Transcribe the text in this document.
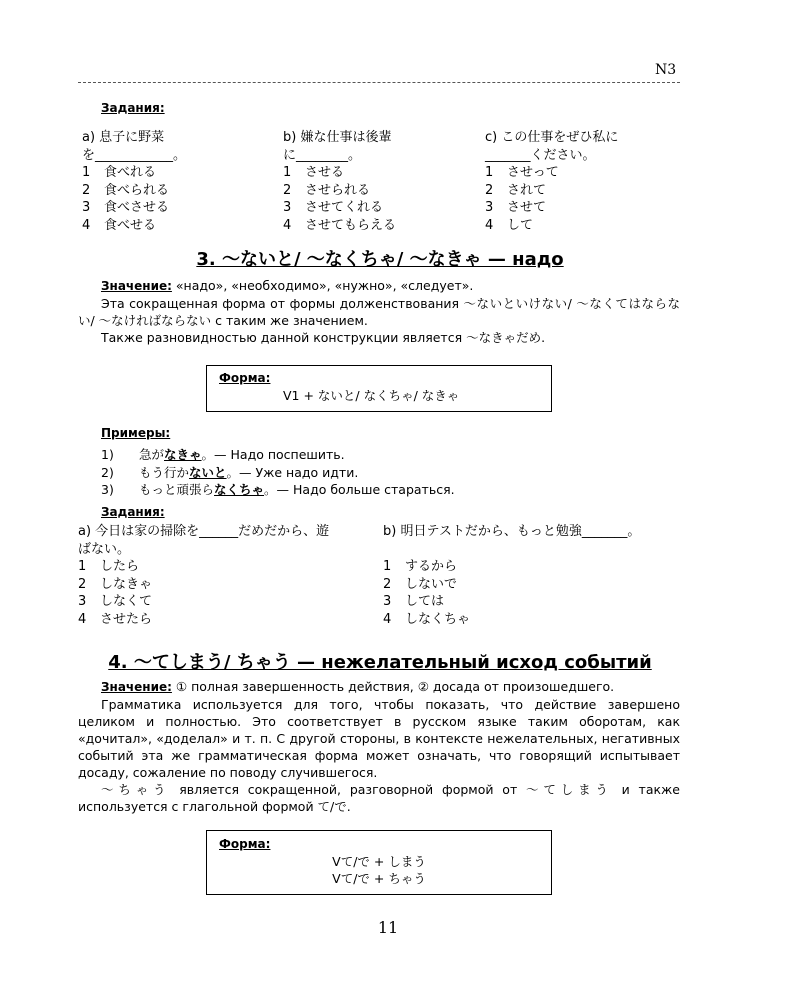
N3
Задания:
a) 息子に野菜
を____________。
1 食べれる
2 食べられる
3 食べさせる
4 食べせる
b) 嫌な仕事は後輩
に________。
1 させる
2 させられる
3 させてくれる
4 させてもらえる
c) この仕事をぜひ私に
_______ください。
1 させって
2 されて
3 させて
4 して
3. ～ないと/ ～なくちゃ/ ～なきゃ — надо
Значение: «надо», «необходимо», «нужно», «следует».
Эта сокращенная форма от формы долженствования ～ないといけない/ ～なくてはならない/ ～なければならない с таким же значением.
Также разновидностью данной конструкции является ～なきゃだめ.
Форма:
V1 + ないと/ なくちゃ/ なきゃ
Примеры:
1) 急がなきゃ。— Надо поспешить.
2) もう行かないと。— Уже надо идти.
3) もっと頑張らなくちゃ。— Надо больше стараться.
Задания:
a) 今日は家の掃除を______だめだから、遊
ばない。
1 したら
2 しなきゃ
3 しなくて
4 させたら
b) 明日テストだから、もっと勉強_______。

1 するから
2 しないで
3 しては
4 しなくちゃ
4. ～てしまう/ ちゃう — нежелательный исход событий
Значение: ① полная завершенность действия, ② досада от произошедшего.
Грамматика используется для того, чтобы показать, что действие завершено целиком и полностью. Это соответствует в русском языке таким оборотам, как «дочитал», «доделал» и т. п. С другой стороны, в контексте нежелательных, негативных событий эта же грамматическая форма может означать, что говорящий испытывает досаду, сожаление по поводу случившегося.
～ちゃう является сокращенной, разговорной формой от ～てしまう и также используется с глагольной формой て/で.
Форма:
Vて/で + しまう
Vて/で + ちゃう
11
